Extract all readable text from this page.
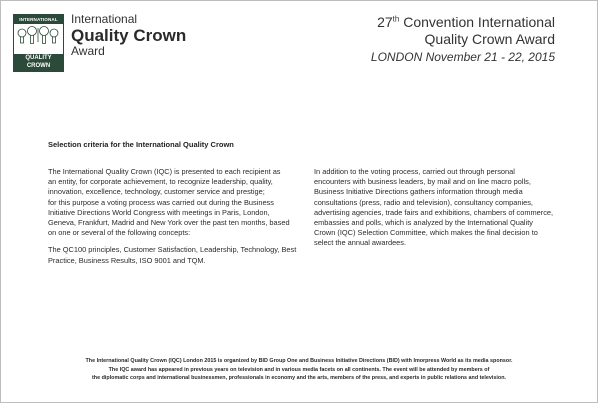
INTERNATIONAL
QUALITY
CROWN
International
Quality Crown
Award
27th Convention International
Quality Crown Award
LONDON November 21 - 22, 2015
Selection criteria for the International Quality Crown

The International Quality Crown (IQC) is presented to each recipient as
an entity, for corporate achievement, to recognize leadership, quality,
innovation, excellence, technology, customer service and prestige;
for this purpose a voting process was carried out during the Business
Initiative Directions World Congress with meetings in Paris, London,
Geneva, Frankfurt, Madrid and New York over the past ten months, based
on one or several of the following concepts:

The QC100 principles, Customer Satisfaction, Leadership, Technology, Best
Practice, Business Results, ISO 9001 and TQM.

In addition to the voting process, carried out through personal
encounters with business leaders, by mail and on line macro polls,
Business Initiative Directions gathers information through media
consultations (press, radio and television), consultancy companies,
advertising agencies, trade fairs and exhibitions, chambers of commerce,
embassies and polls, which is analyzed by the International Quality
Crown (IQC) Selection Committee, which makes the final decision to
select the annual awardees.

The International Quality Crown (IQC) London 2015 is organized by BID Group One and Business Initiative Directions (BID) with Imorpress World as its media sponsor.
The IQC award has appeared in previous years on television and in various media facets on all continents. The event will be attended by members of
the diplomatic corps and international businessmen, professionals in economy and the arts, members of the press, and experts in public relations and television.
